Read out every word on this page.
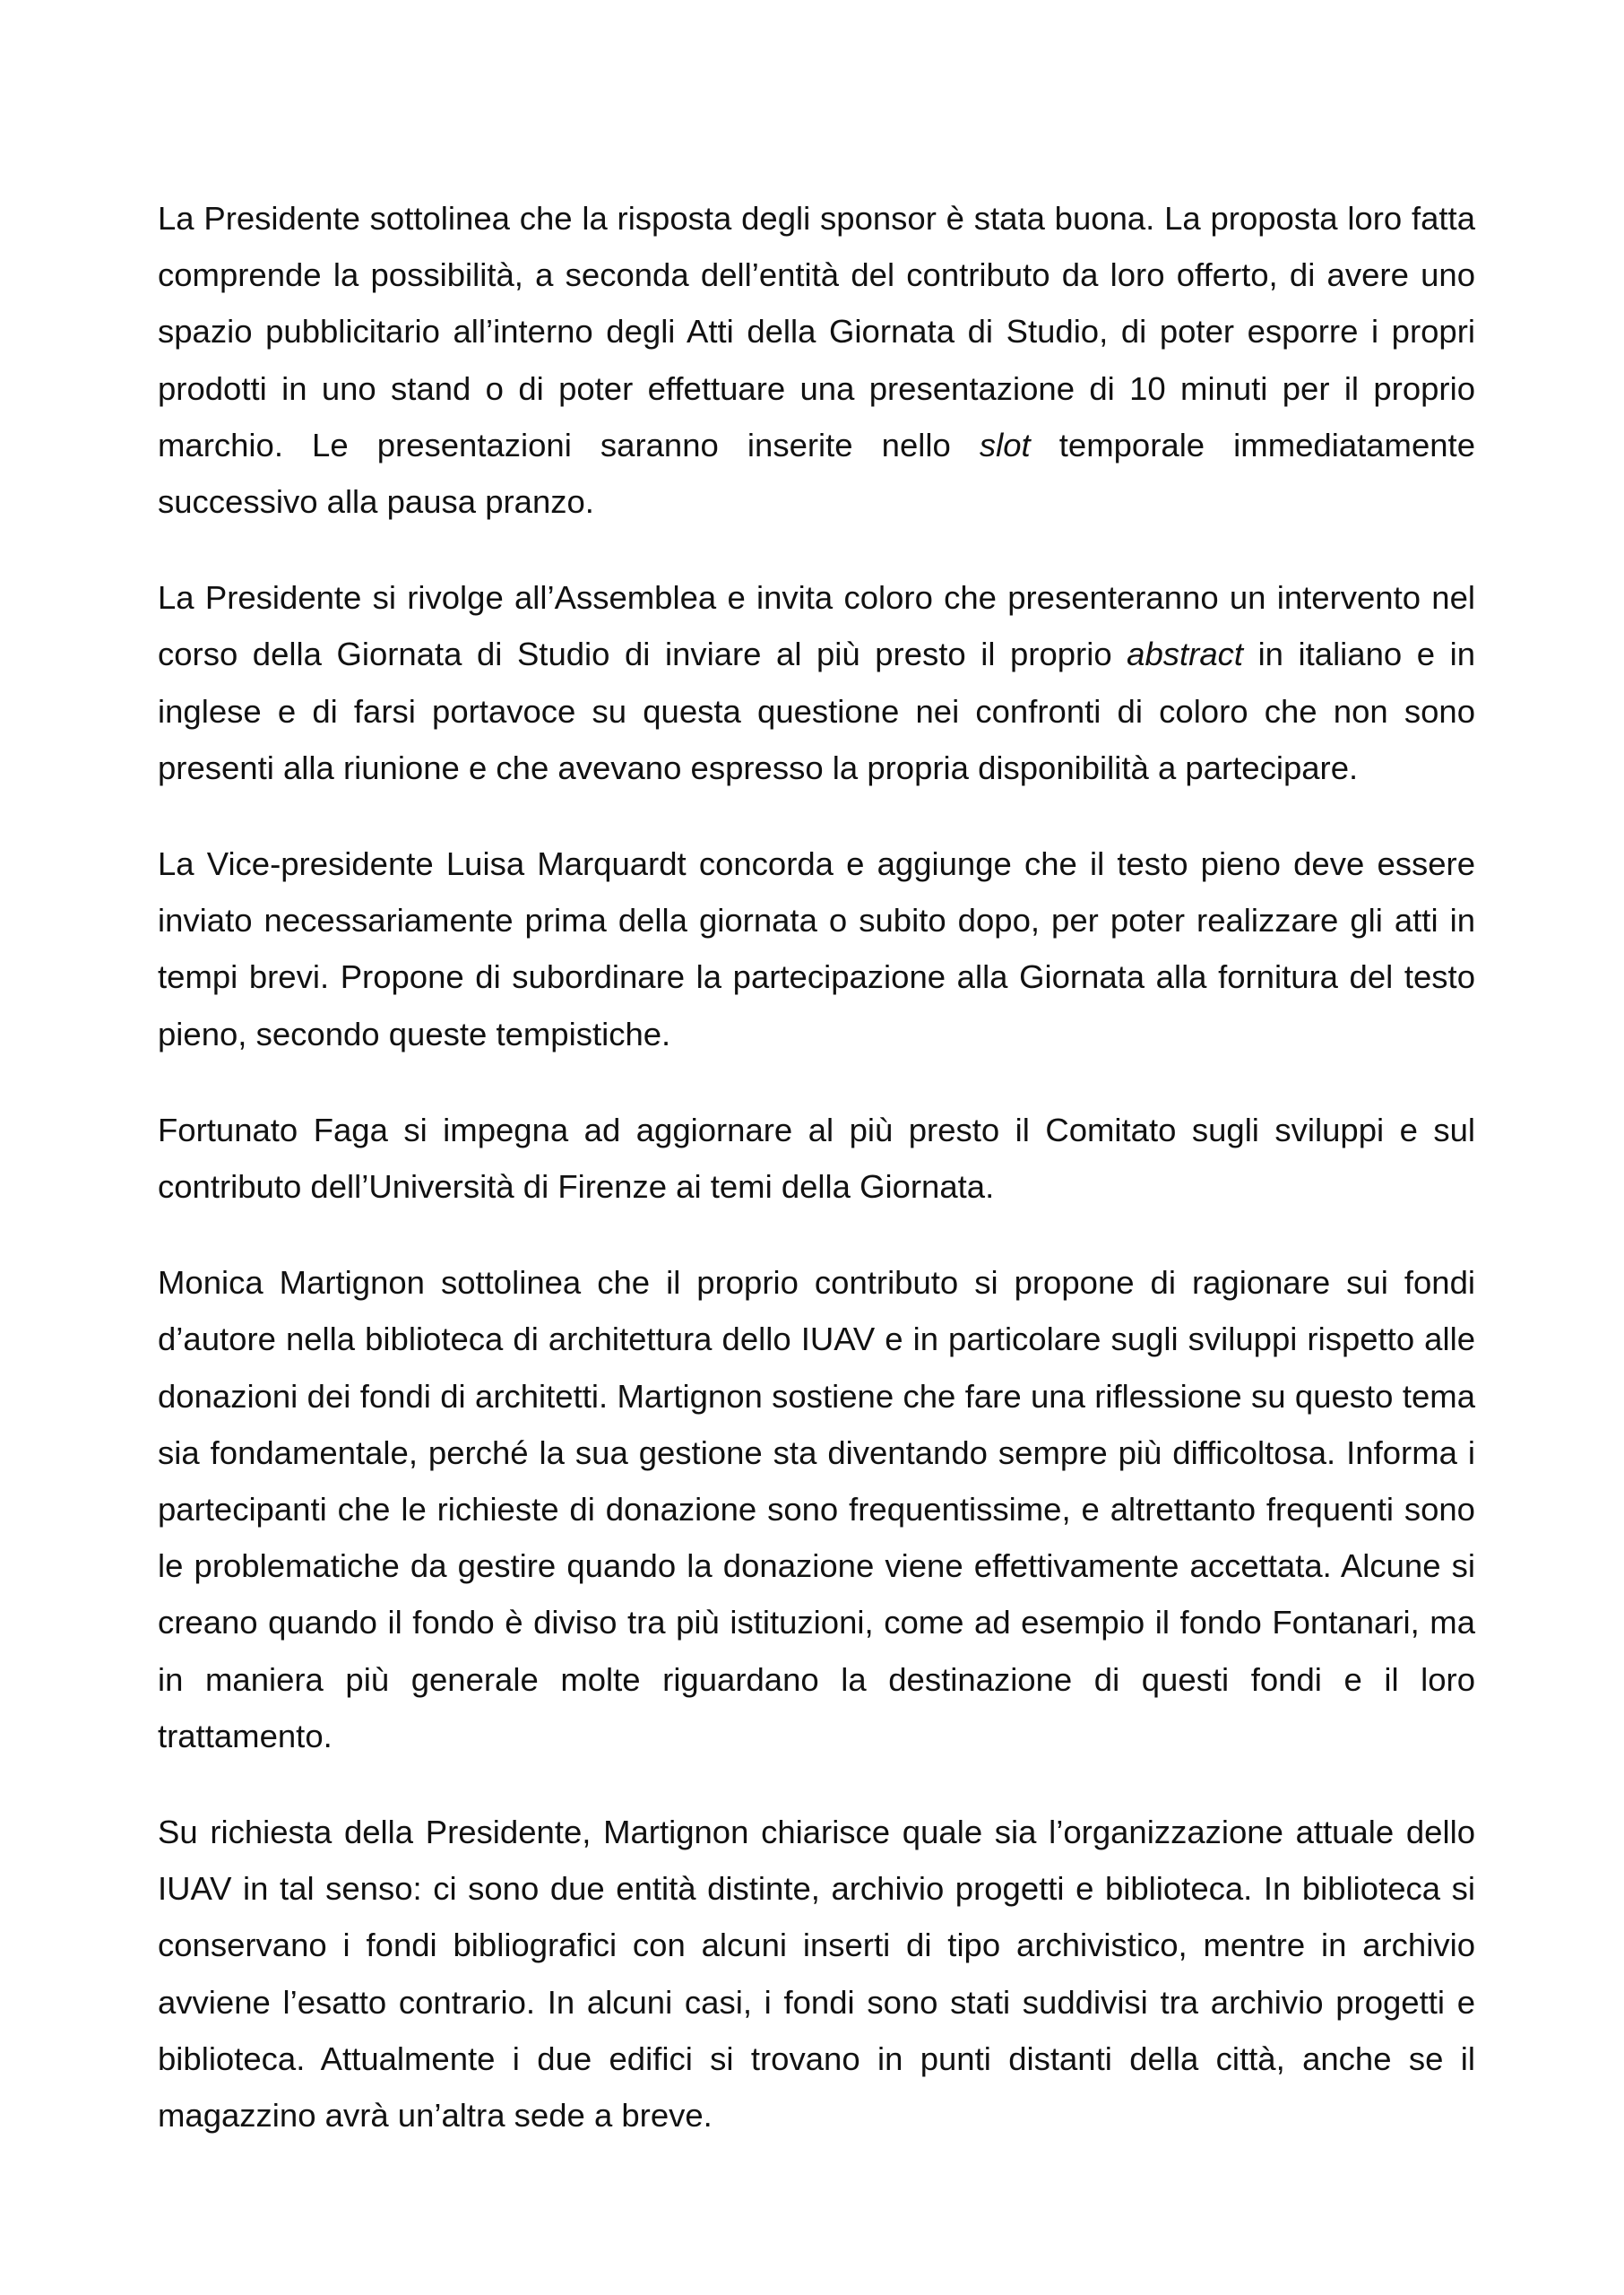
La Presidente sottolinea che la risposta degli sponsor è stata buona. La proposta loro fatta comprende la possibilità, a seconda dell’entità del contributo da loro offerto, di avere uno spazio pubblicitario all’interno degli Atti della Giornata di Studio, di poter esporre i propri prodotti in uno stand o di poter effettuare una presentazione di 10 minuti per il proprio marchio. Le presentazioni saranno inserite nello slot temporale immediatamente successivo alla pausa pranzo.

La Presidente si rivolge all’Assemblea e invita coloro che presenteranno un intervento nel corso della Giornata di Studio di inviare al più presto il proprio abstract in italiano e in inglese e di farsi portavoce su questa questione nei confronti di coloro che non sono presenti alla riunione e che avevano espresso la propria disponibilità a partecipare.

La Vice-presidente Luisa Marquardt concorda e aggiunge che il testo pieno deve essere inviato necessariamente prima della giornata o subito dopo, per poter realizzare gli atti in tempi brevi. Propone di subordinare la partecipazione alla Giornata alla fornitura del testo pieno, secondo queste tempistiche.

Fortunato Faga si impegna ad aggiornare al più presto il Comitato sugli sviluppi e sul contributo dell’Università di Firenze ai temi della Giornata.

Monica Martignon sottolinea che il proprio contributo si propone di ragionare sui fondi d’autore nella biblioteca di architettura dello IUAV e in particolare sugli sviluppi rispetto alle donazioni dei fondi di architetti. Martignon sostiene che fare una riflessione su questo tema sia fondamentale, perché la sua gestione sta diventando sempre più difficoltosa. Informa i partecipanti che le richieste di donazione sono frequentissime, e altrettanto frequenti sono le problematiche da gestire quando la donazione viene effettivamente accettata. Alcune si creano quando il fondo è diviso tra più istituzioni, come ad esempio il fondo Fontanari, ma in maniera più generale molte riguardano la destinazione di questi fondi e il loro trattamento.

Su richiesta della Presidente, Martignon chiarisce quale sia l’organizzazione attuale dello IUAV in tal senso: ci sono due entità distinte, archivio progetti e biblioteca. In biblioteca si conservano i fondi bibliografici con alcuni inserti di tipo archivistico, mentre in archivio avviene l’esatto contrario. In alcuni casi, i fondi sono stati suddivisi tra archivio progetti e biblioteca. Attualmente i due edifici si trovano in punti distanti della città, anche se il magazzino avrà un’altra sede a breve.
